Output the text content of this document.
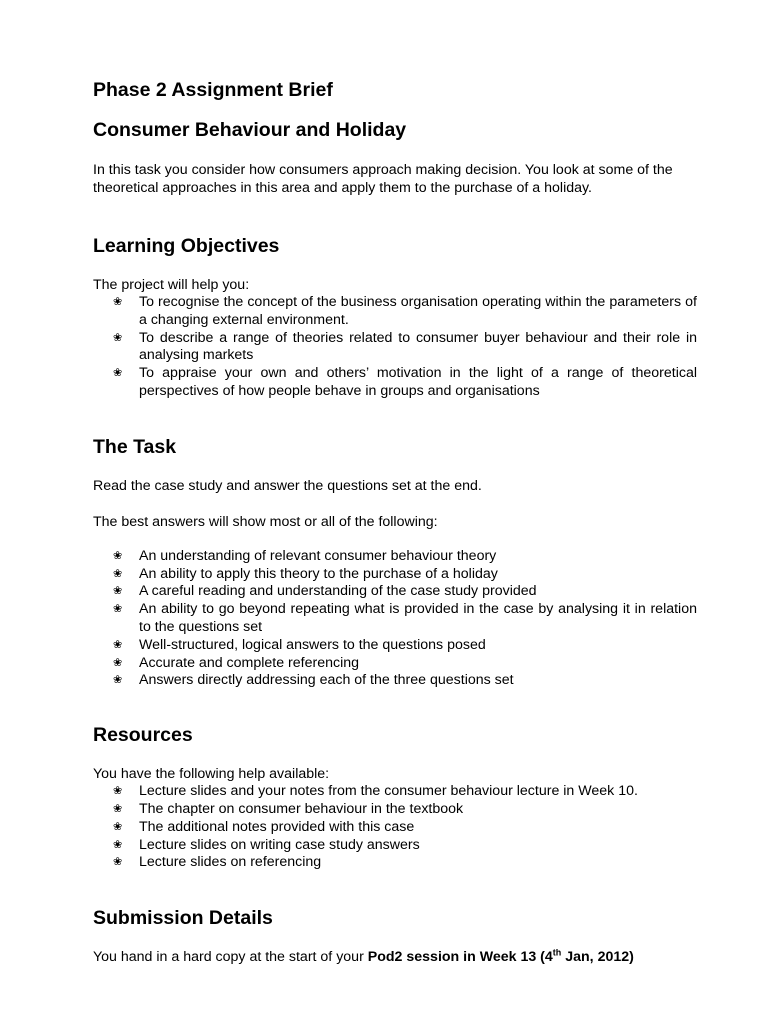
Phase 2 Assignment Brief
Consumer Behaviour and Holiday

In this task you consider how consumers approach making decision. You look at some of the theoretical approaches in this area and apply them to the purchase of a holiday.

Learning Objectives

The project will help you:

❀ To recognise the concept of the business organisation operating within the parameters of a changing external environment.
❀ To describe a range of theories related to consumer buyer behaviour and their role in analysing markets
❀ To appraise your own and others’ motivation in the light of a range of theoretical perspectives of how people behave in groups and organisations
The Task

Read the case study and answer the questions set at the end.

The best answers will show most or all of the following:

❀ An understanding of relevant consumer behaviour theory
❀ An ability to apply this theory to the purchase of a holiday
❀ A careful reading and understanding of the case study provided
❀ An ability to go beyond repeating what is provided in the case by analysing it in relation to the questions set
❀ Well-structured, logical answers to the questions posed
❀ Accurate and complete referencing
❀ Answers directly addressing each of the three questions set
Resources

You have the following help available:

❀ Lecture slides and your notes from the consumer behaviour lecture in Week 10.
❀ The chapter on consumer behaviour in the textbook
❀ The additional notes provided with this case
❀ Lecture slides on writing case study answers
❀ Lecture slides on referencing
Submission Details

You hand in a hard copy at the start of your Pod2 session in Week 13 (4th Jan, 2012)
